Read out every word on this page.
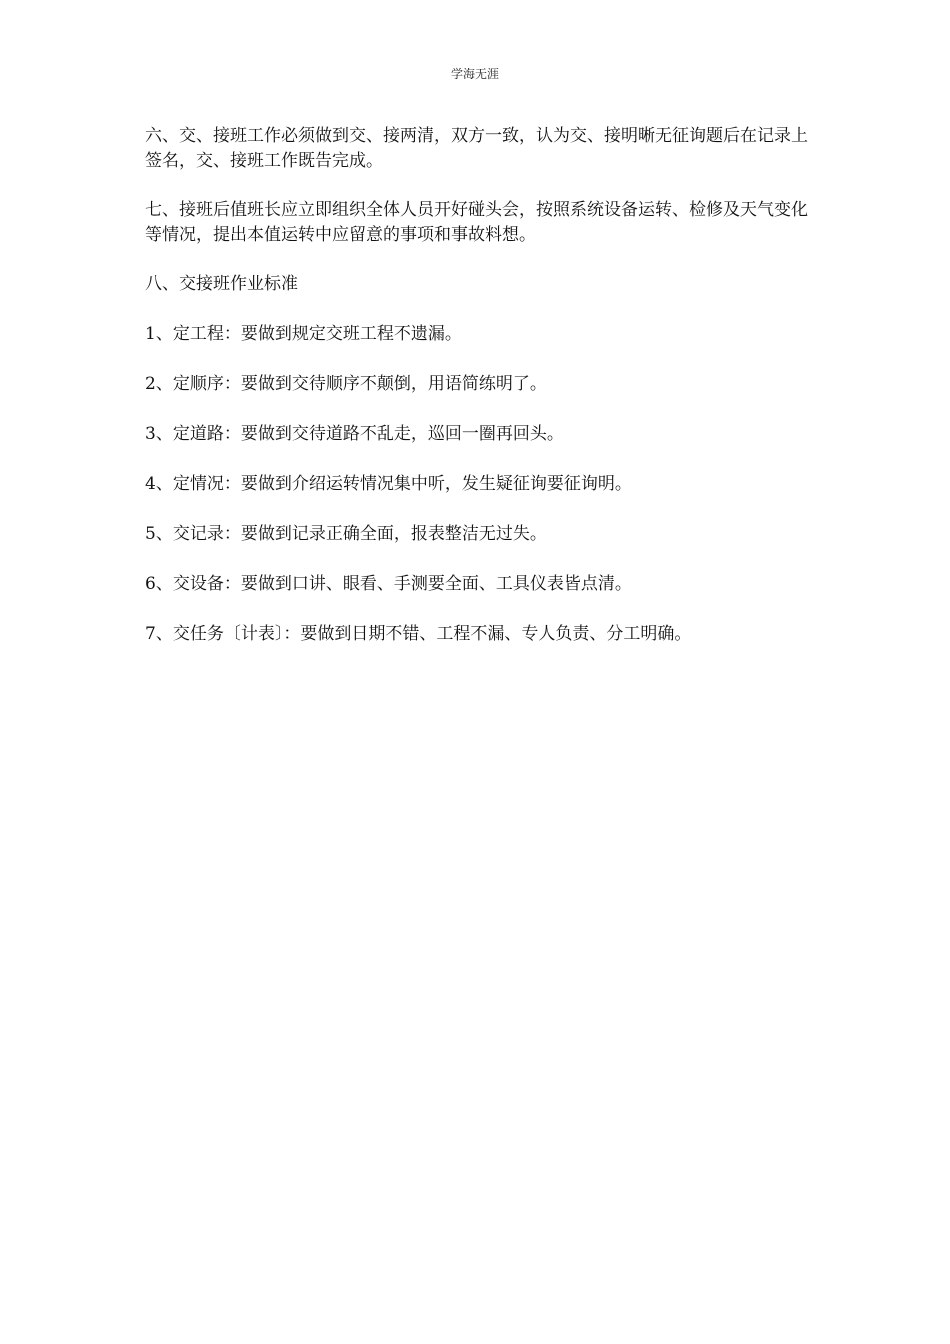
学海无涯

六、交、接班工作必须做到交、接两清，双方一致，认为交、接明晰无征询题后在记录上签名，交、接班工作既告完成。

七、接班后值班长应立即组织全体人员开好碰头会，按照系统设备运转、检修及天气变化等情况，提出本值运转中应留意的事项和事故料想。

八、交接班作业标准

1、定工程：要做到规定交班工程不遗漏。

2、定顺序：要做到交待顺序不颠倒，用语简练明了。

3、定道路：要做到交待道路不乱走，巡回一圈再回头。

4、定情况：要做到介绍运转情况集中听，发生疑征询要征询明。

5、交记录：要做到记录正确全面，报表整洁无过失。

6、交设备：要做到口讲、眼看、手测要全面、工具仪表皆点清。

7、交任务〔计表〕：要做到日期不错、工程不漏、专人负责、分工明确。
